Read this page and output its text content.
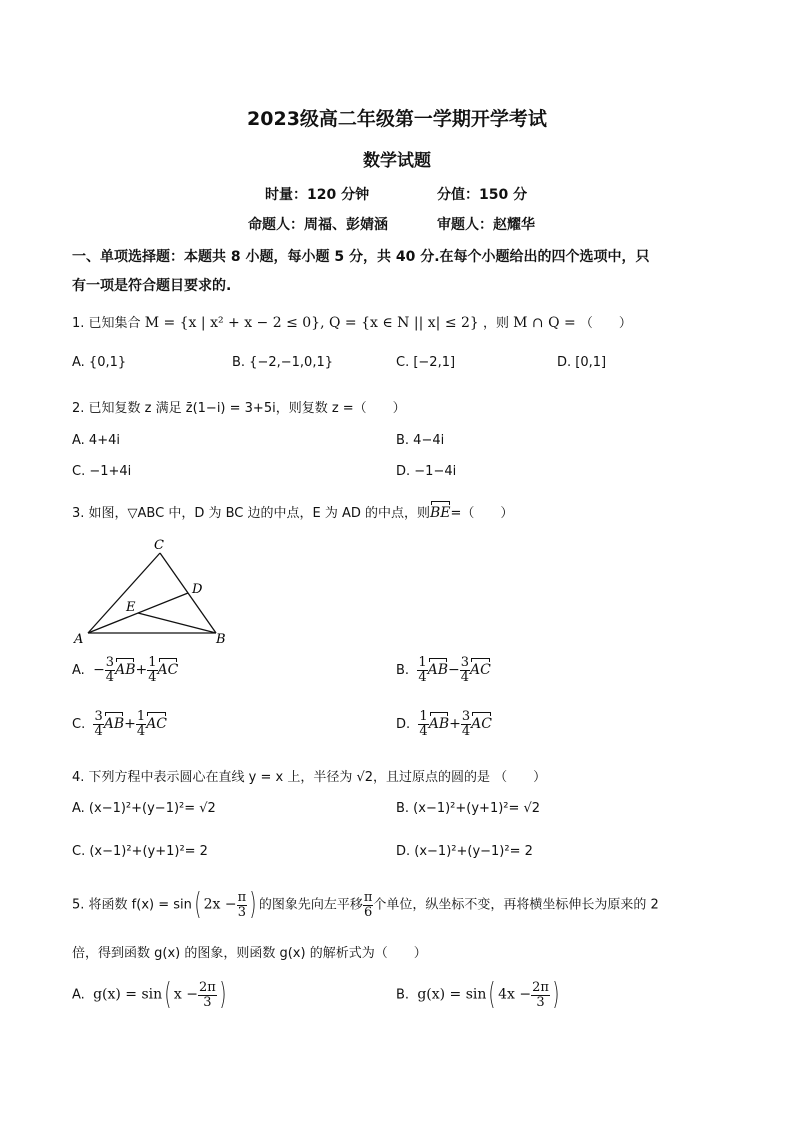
2023级高二年级第一学期开学考试
数学试题
时量：120 分钟	分值：150 分
命题人：周福、彭婧涵	审题人：赵耀华
一、单项选择题：本题共 8 小题，每小题 5 分，共 40 分.在每个小题给出的四个选项中，只
有一项是符合题目要求的.
1. 已知集合 M = {x | x² + x − 2 ≤ 0}, Q = {x ∈ N || x| ≤ 2} ，则 M ∩ Q = （　　）
A. {0,1}	B. {−2,−1,0,1}	C. [−2,1]	D. [0,1]
2. 已知复数 z 满足 z̄(1−i) = 3+5i，则复数 z =（　　）
A. 4+4i	B. 4−4i
C. −1+4i	D. −1−4i
3. 如图，▽ABC 中，D 为 BC 边的中点，E 为 AD 的中点，则BE=（　　）
C
D
E
A	B
A. − $\frac{3}{4} AB+ \frac{1}{4}$ AC	B. $\frac{1}{4} AB- \frac{3}{4}$ AC
C. $\frac{3}{4} AB+ \frac{1}{4}$ AC	D. $\frac{1}{4} AB+ \frac{3}{4}$ AC
4. 下列方程中表示圆心在直线 y = x 上，半径为 √2，且过原点的圆的是 （　　）
A. (x−1)²+(y−1)²= √2	B. (x−1)²+(y+1)²= √2
C. (x−1)²+(y+1)²= 2	D. (x−1)²+(y−1)²= 2
5. 将函数 f(x) = sin( $2x - \frac{\pi}{3}$ ) 的图象先向左平移 $\frac{\pi}{6}$ 个单位，纵坐标不变，再将横坐标伸长为原来的 2
倍，得到函数 g(x) 的图象，则函数 g(x) 的解析式为（　　）
A. g(x) = sin( $x - \frac{2\pi}{3}$ )	B. g(x) = sin( $4x - \frac{2\pi}{3}$ )
